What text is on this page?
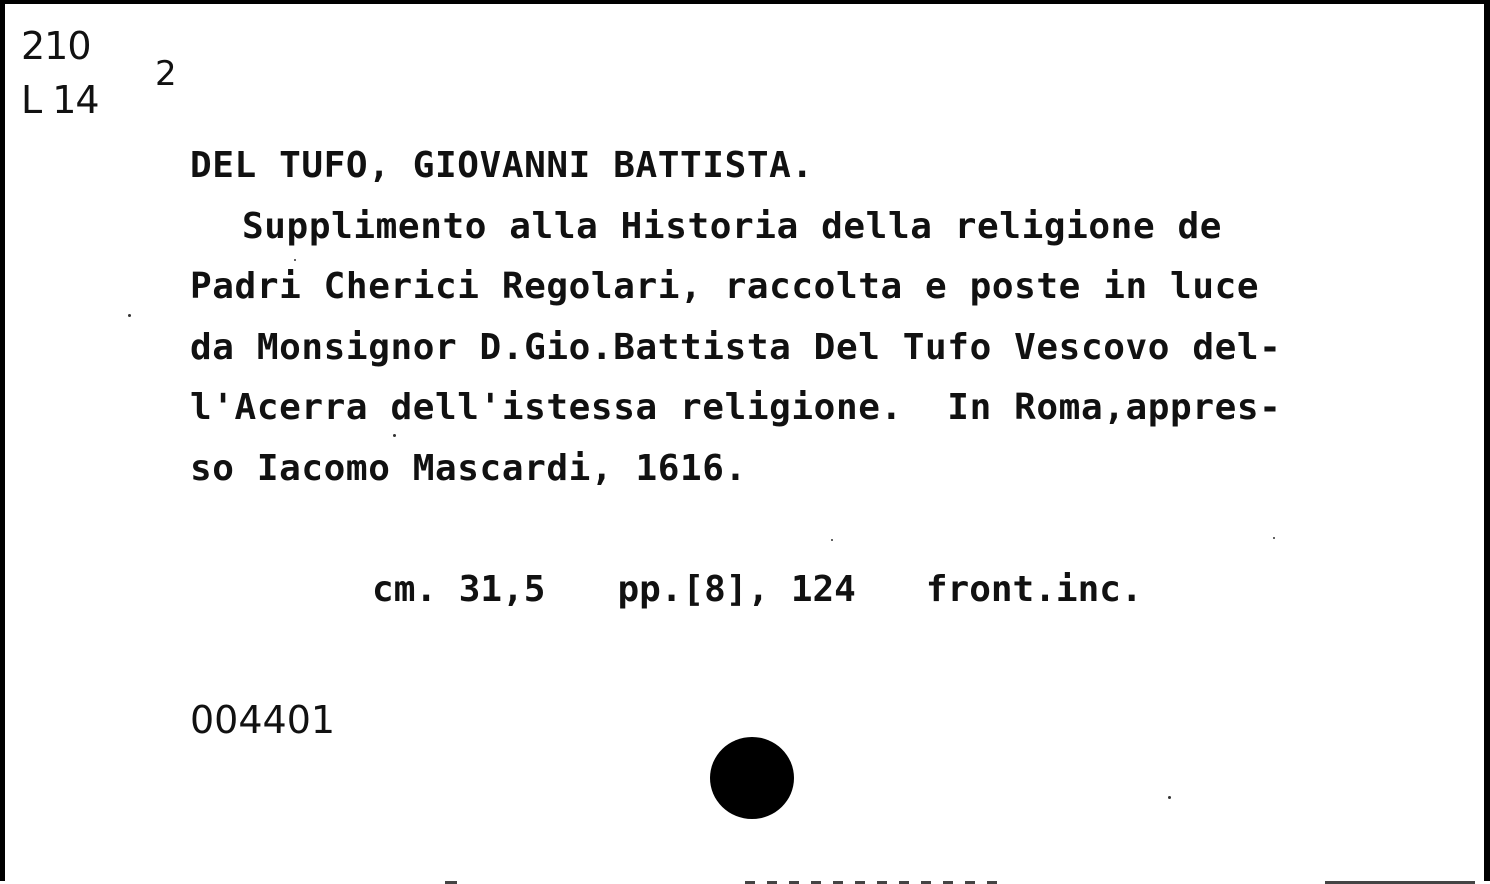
210
L 14
2
DEL TUFO, GIOVANNI BATTISTA.
Supplimento alla Historia della religione de
Padri Cherici Regolari, raccolta e poste in luce
da Monsignor D.Gio.Battista Del Tufo Vescovo del-
l'Acerra dell'istessa religione.  In Roma,appres-
so Iacomo Mascardi, 1616.

cm. 31,5 pp.[8], 124 front.inc.

004401
